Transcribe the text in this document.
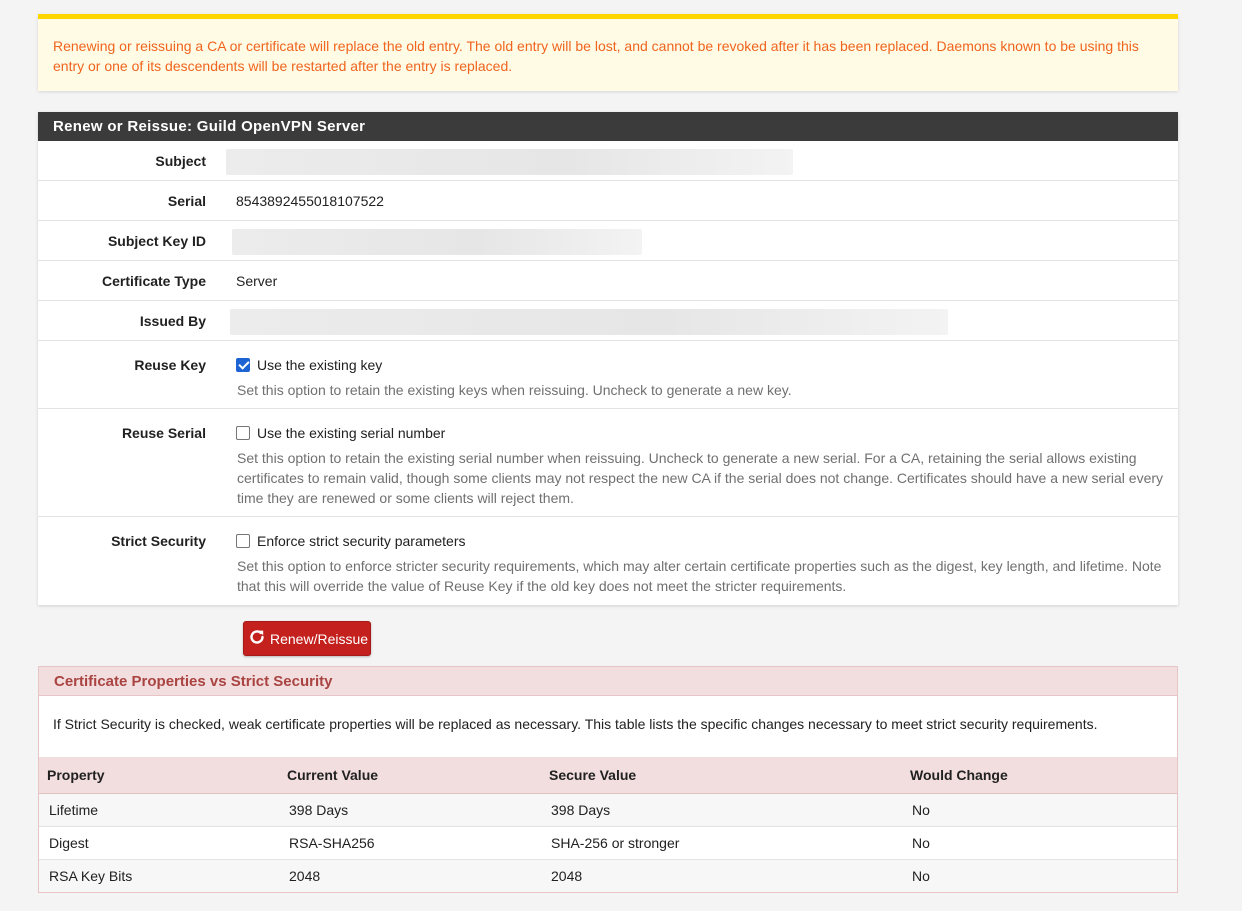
Renewing or reissuing a CA or certificate will replace the old entry. The old entry will be lost, and cannot be revoked after it has been replaced. Daemons known to be using this entry or one of its descendents will be restarted after the entry is replaced.
Renew or Reissue: Guild OpenVPN Server
Subject
Serial 8543892455018107522
Subject Key ID
Certificate Type Server
Issued By
Reuse Key	Use the existing key
Set this option to retain the existing keys when reissuing. Uncheck to generate a new key.
Reuse Serial	Use the existing serial number
Set this option to retain the existing serial number when reissuing. Uncheck to generate a new serial. For a CA, retaining the serial allows existing certificates to remain valid, though some clients may not respect the new CA if the serial does not change. Certificates should have a new serial every time they are renewed or some clients will reject them.
Strict Security	Enforce strict security parameters
Set this option to enforce stricter security requirements, which may alter certain certificate properties such as the digest, key length, and lifetime. Note that this will override the value of Reuse Key if the old key does not meet the stricter requirements.
Renew/Reissue
Certificate Properties vs Strict Security
If Strict Security is checked, weak certificate properties will be replaced as necessary. This table lists the specific changes necessary to meet strict security requirements.
Property	Current Value	Secure Value	Would Change
Lifetime	398 Days	398 Days	No
Digest	RSA-SHA256	SHA-256 or stronger	No
RSA Key Bits	2048	2048	No
